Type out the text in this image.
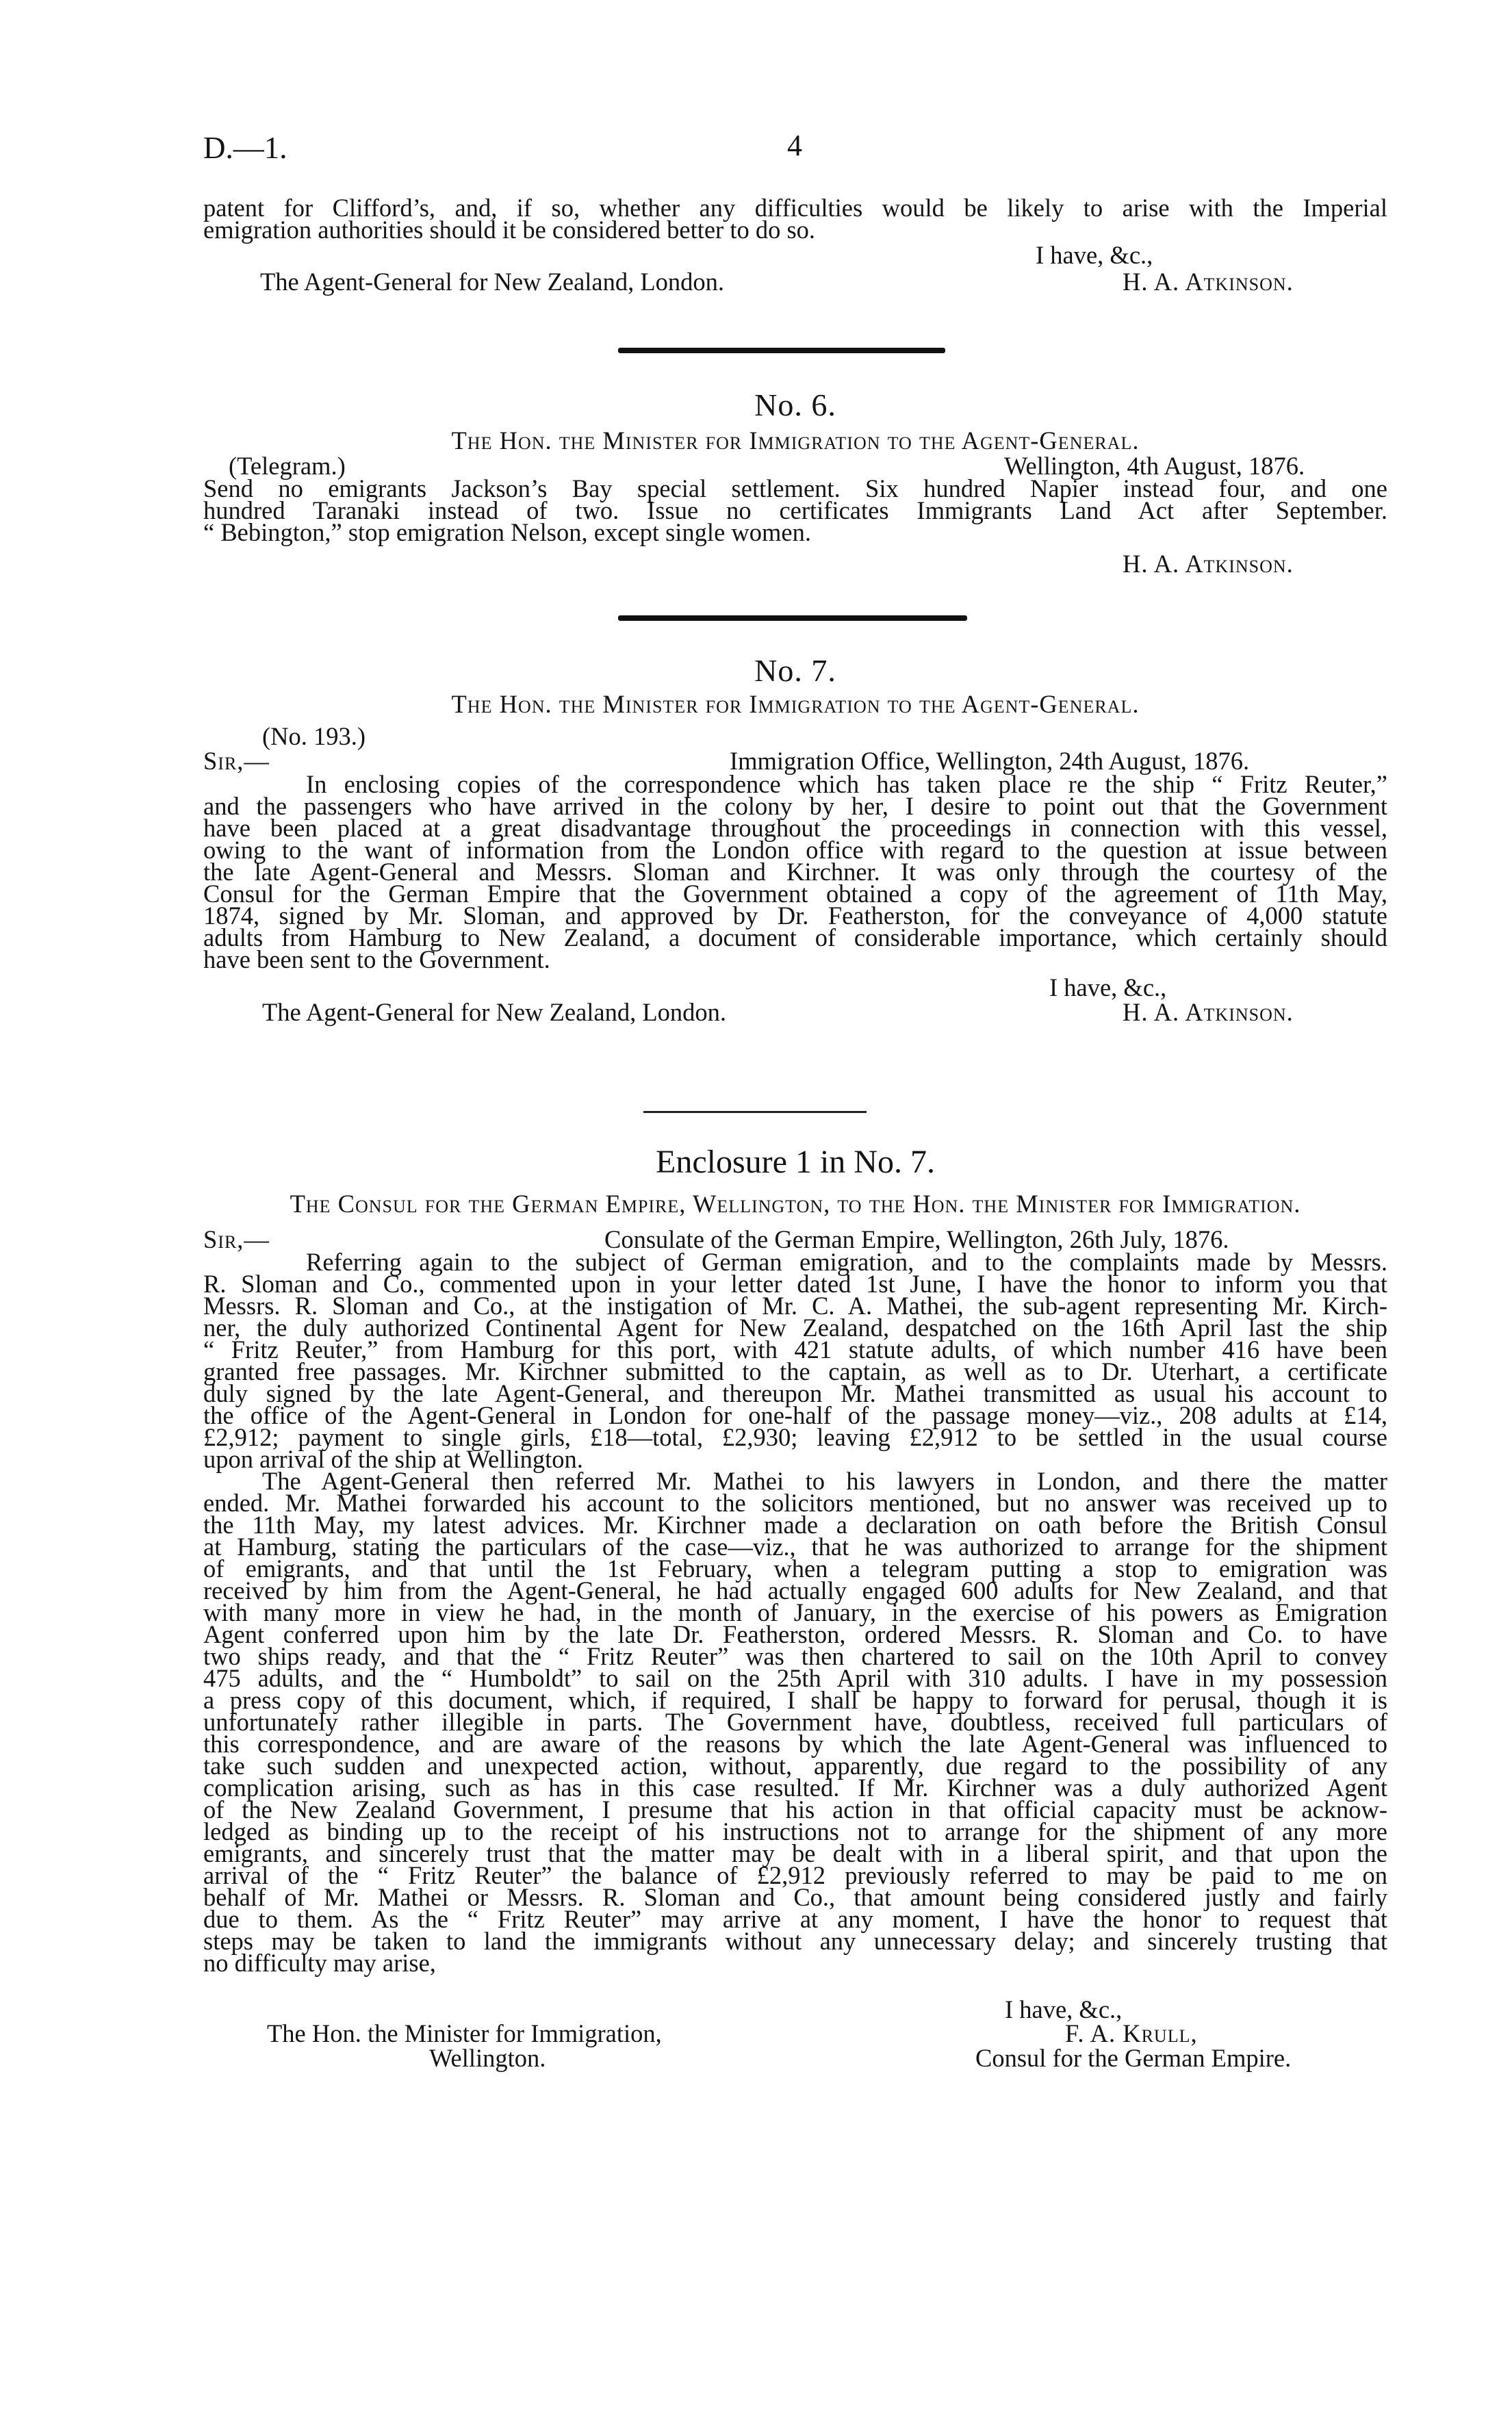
D.—1.	4
patent for Clifford’s, and, if so, whether any difficulties would be likely to arise with the Imperial
emigration authorities should it be considered better to do so.
I have, &c.,
The Agent-General for New Zealand, London.	H. A. Atkinson.
No. 6.
The Hon. the Minister for Immigration to the Agent-General.
(Telegram.)	Wellington, 4th August, 1876.
Send no emigrants Jackson’s Bay special settlement. Six hundred Napier instead four, and one
hundred Taranaki instead of two. Issue no certificates Immigrants Land Act after September.
“ Bebington,” stop emigration Nelson, except single women.
H. A. Atkinson.
No. 7.
The Hon. the Minister for Immigration to the Agent-General.
(No. 193.)
Sir,—	Immigration Office, Wellington, 24th August, 1876.
In enclosing copies of the correspondence which has taken place re the ship “ Fritz Reuter,”
and the passengers who have arrived in the colony by her, I desire to point out that the Government
have been placed at a great disadvantage throughout the proceedings in connection with this vessel,
owing to the want of information from the London office with regard to the question at issue between
the late Agent-General and Messrs. Sloman and Kirchner. It was only through the courtesy of the
Consul for the German Empire that the Government obtained a copy of the agreement of 11th May,
1874, signed by Mr. Sloman, and approved by Dr. Featherston, for the conveyance of 4,000 statute
adults from Hamburg to New Zealand, a document of considerable importance, which certainly should
have been sent to the Government.
I have, &c.,
The Agent-General for New Zealand, London.	H. A. Atkinson.
Enclosure 1 in No. 7.
The Consul for the German Empire, Wellington, to the Hon. the Minister for Immigration.
Sir,—	Consulate of the German Empire, Wellington, 26th July, 1876.
Referring again to the subject of German emigration, and to the complaints made by Messrs.
R. Sloman and Co., commented upon in your letter dated 1st June, I have the honor to inform you that
Messrs. R. Sloman and Co., at the instigation of Mr. C. A. Mathei, the sub-agent representing Mr. Kirch-
ner, the duly authorized Continental Agent for New Zealand, despatched on the 16th April last the ship
“ Fritz Reuter,” from Hamburg for this port, with 421 statute adults, of which number 416 have been
granted free passages. Mr. Kirchner submitted to the captain, as well as to Dr. Uterhart, a certificate
duly signed by the late Agent-General, and thereupon Mr. Mathei transmitted as usual his account to
the office of the Agent-General in London for one-half of the passage money—viz., 208 adults at £14,
£2,912; payment to single girls, £18—total, £2,930; leaving £2,912 to be settled in the usual course
upon arrival of the ship at Wellington.
The Agent-General then referred Mr. Mathei to his lawyers in London, and there the matter
ended. Mr. Mathei forwarded his account to the solicitors mentioned, but no answer was received up to
the 11th May, my latest advices. Mr. Kirchner made a declaration on oath before the British Consul
at Hamburg, stating the particulars of the case—viz., that he was authorized to arrange for the shipment
of emigrants, and that until the 1st February, when a telegram putting a stop to emigration was
received by him from the Agent-General, he had actually engaged 600 adults for New Zealand, and that
with many more in view he had, in the month of January, in the exercise of his powers as Emigration
Agent conferred upon him by the late Dr. Featherston, ordered Messrs. R. Sloman and Co. to have
two ships ready, and that the “ Fritz Reuter” was then chartered to sail on the 10th April to convey
475 adults, and the “ Humboldt” to sail on the 25th April with 310 adults. I have in my possession
a press copy of this document, which, if required, I shall be happy to forward for perusal, though it is
unfortunately rather illegible in parts. The Government have, doubtless, received full particulars of
this correspondence, and are aware of the reasons by which the late Agent-General was influenced to
take such sudden and unexpected action, without, apparently, due regard to the possibility of any
complication arising, such as has in this case resulted. If Mr. Kirchner was a duly authorized Agent
of the New Zealand Government, I presume that his action in that official capacity must be acknow-
ledged as binding up to the receipt of his instructions not to arrange for the shipment of any more
emigrants, and sincerely trust that the matter may be dealt with in a liberal spirit, and that upon the
arrival of the “ Fritz Reuter” the balance of £2,912 previously referred to may be paid to me on
behalf of Mr. Mathei or Messrs. R. Sloman and Co., that amount being considered justly and fairly
due to them. As the “ Fritz Reuter” may arrive at any moment, I have the honor to request that
steps may be taken to land the immigrants without any unnecessary delay; and sincerely trusting that
no difficulty may arise,
I have, &c.,
The Hon. the Minister for Immigration,	F. A. Krull,
Wellington.	Consul for the German Empire.
